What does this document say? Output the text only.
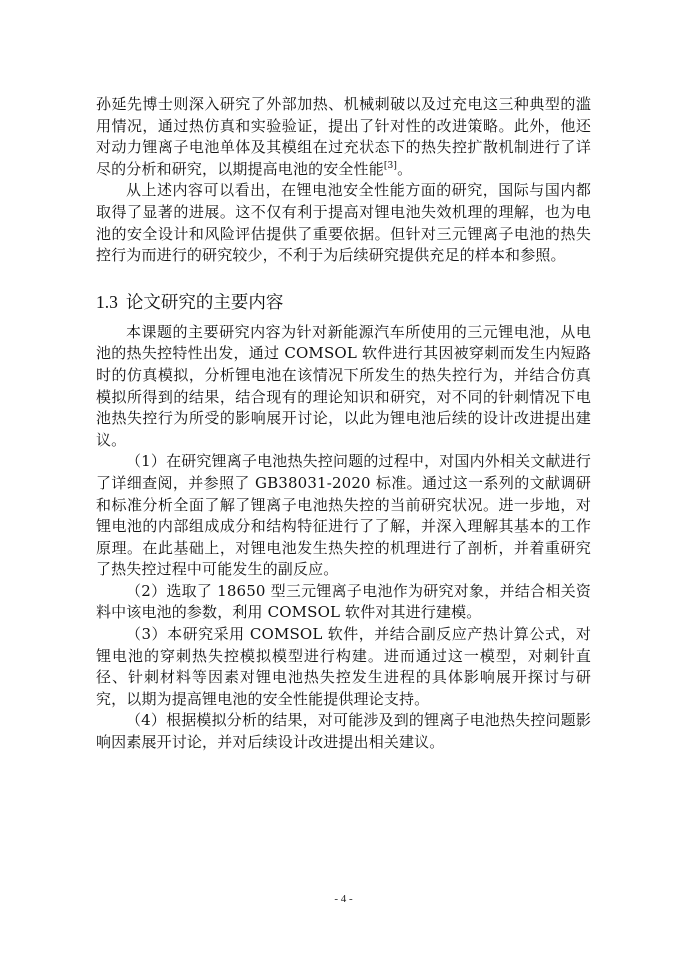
孙延先博士则深入研究了外部加热、机械刺破以及过充电这三种典型的滥用情况，通过热仿真和实验验证，提出了针对性的改进策略。此外，他还对动力锂离子电池单体及其模组在过充状态下的热失控扩散机制进行了详尽的分析和研究，以期提高电池的安全性能[3]。

从上述内容可以看出，在锂电池安全性能方面的研究，国际与国内都取得了显著的进展。这不仅有利于提高对锂电池失效机理的理解，也为电池的安全设计和风险评估提供了重要依据。但针对三元锂离子电池的热失控行为而进行的研究较少，不利于为后续研究提供充足的样本和参照。

1.3 论文研究的主要内容

本课题的主要研究内容为针对新能源汽车所使用的三元锂电池，从电池的热失控特性出发，通过 COMSOL 软件进行其因被穿刺而发生内短路时的仿真模拟，分析锂电池在该情况下所发生的热失控行为，并结合仿真模拟所得到的结果，结合现有的理论知识和研究，对不同的针刺情况下电池热失控行为所受的影响展开讨论，以此为锂电池后续的设计改进提出建议。

（1）在研究锂离子电池热失控问题的过程中，对国内外相关文献进行了详细查阅，并参照了 GB38031-2020 标准。通过这一系列的文献调研和标准分析全面了解了锂离子电池热失控的当前研究状况。进一步地，对锂电池的内部组成成分和结构特征进行了了解，并深入理解其基本的工作原理。在此基础上，对锂电池发生热失控的机理进行了剖析，并着重研究了热失控过程中可能发生的副反应。

（2）选取了 18650 型三元锂离子电池作为研究对象，并结合相关资料中该电池的参数，利用 COMSOL 软件对其进行建模。

（3）本研究采用 COMSOL 软件，并结合副反应产热计算公式，对锂电池的穿刺热失控模拟模型进行构建。进而通过这一模型，对刺针直径、针刺材料等因素对锂电池热失控发生进程的具体影响展开探讨与研究，以期为提高锂电池的安全性能提供理论支持。

（4）根据模拟分析的结果，对可能涉及到的锂离子电池热失控问题影响因素展开讨论，并对后续设计改进提出相关建议。

- 4 -
